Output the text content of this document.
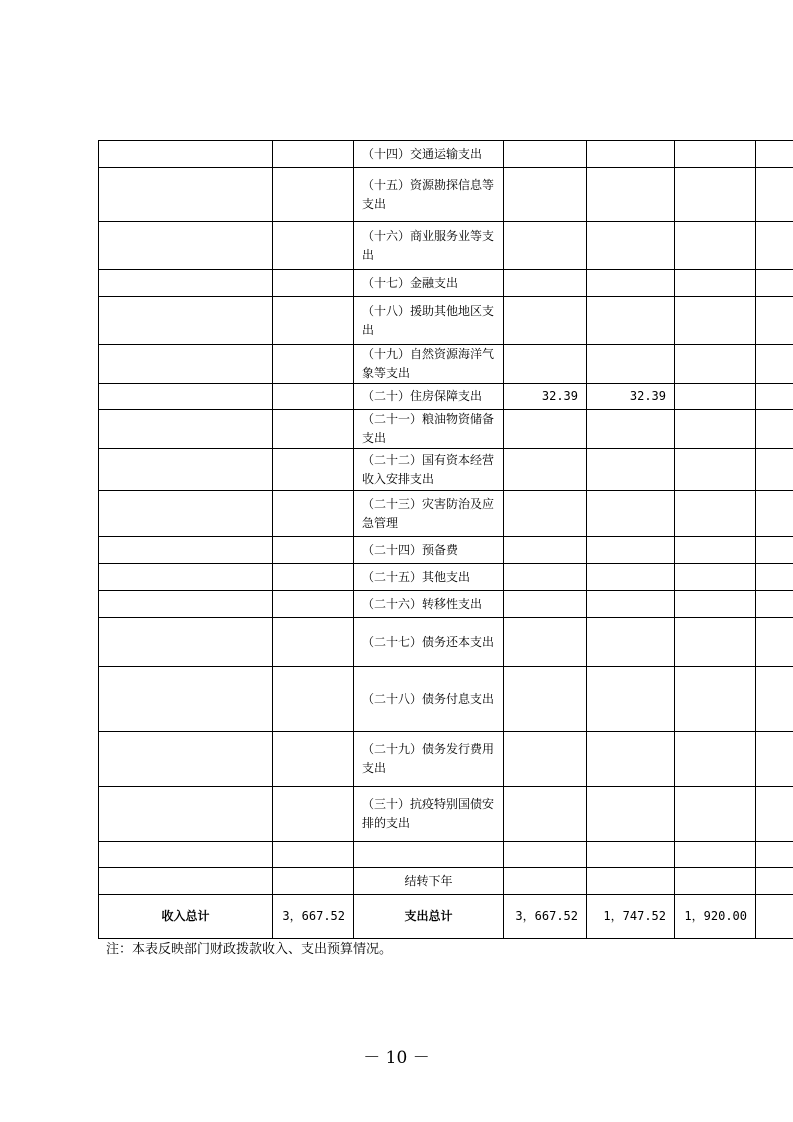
		（十四）交通运输支出				
		（十五）资源勘探信息等支出				
		（十六）商业服务业等支出				
		（十七）金融支出				
		（十八）援助其他地区支出				
		（十九）自然资源海洋气象等支出				
		（二十）住房保障支出	32.39	32.39		
		（二十一）粮油物资储备支出				
		（二十二）国有资本经营收入安排支出				
		（二十三）灾害防治及应急管理				
		（二十四）预备费				
		（二十五）其他支出				
		（二十六）转移性支出				
		（二十七）债务还本支出				
		（二十八）债务付息支出				
		（二十九）债务发行费用支出				
		（三十）抗疫特别国债安排的支出				

		结转下年				
收入总计	3，667.52	支出总计	3，667.52	1，747.52	1，920.00	
注：本表反映部门财政拨款收入、支出预算情况。
－ 10 －
